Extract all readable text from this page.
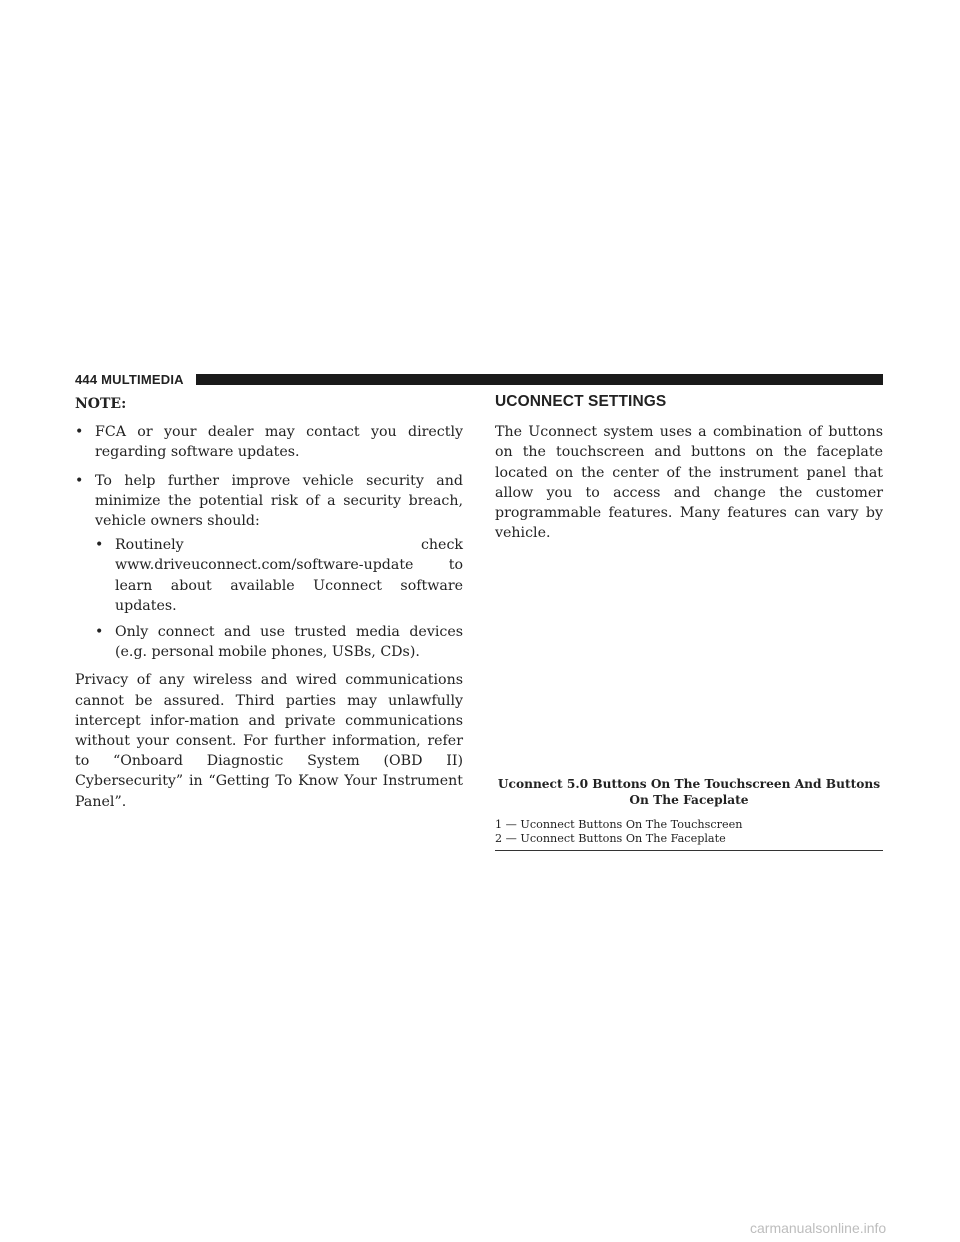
444 MULTIMEDIA
NOTE:
• FCA or your dealer may contact you directly regarding software updates.
• To help further improve vehicle security and minimize the potential risk of a security breach, vehicle owners should:
• Routinely check www.driveuconnect.com/software-update to learn about available Uconnect software updates.
• Only connect and use trusted media devices (e.g. personal mobile phones, USBs, CDs).
Privacy of any wireless and wired communications cannot be assured. Third parties may unlawfully intercept infor-mation and private communications without your consent. For further information, refer to “Onboard Diagnostic System (OBD II) Cybersecurity” in “Getting To Know Your Instrument Panel”.
UCONNECT SETTINGS
The Uconnect system uses a combination of buttons on the touchscreen and buttons on the faceplate located on the center of the instrument panel that allow you to access and change the customer programmable features. Many features can vary by vehicle.
Uconnect 5.0 Buttons On The Touchscreen And Buttons
On The Faceplate
1 — Uconnect Buttons On The Touchscreen
2 — Uconnect Buttons On The Faceplate
carmanualsonline.info
